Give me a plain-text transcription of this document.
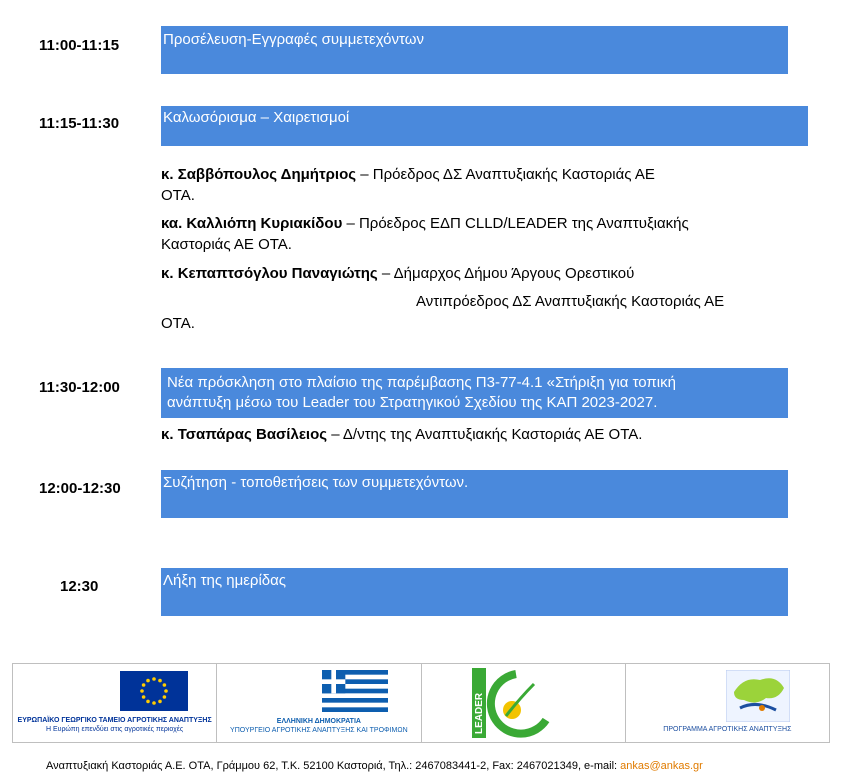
11:00-11:15	Προσέλευση-Εγγραφές συμμετεχόντων
11:15-11:30	Καλωσόρισμα – Χαιρετισμοί
κ. Σαββόπουλος Δημήτριος – Πρόεδρος ΔΣ Αναπτυξιακής Καστοριάς ΑΕ
ΟΤΑ.
κα. Καλλιόπη Κυριακίδου – Πρόεδρος ΕΔΠ CLLD/LEADER της Αναπτυξιακής
Καστοριάς ΑΕ ΟΤΑ.
κ. Κεπαπτσόγλου Παναγιώτης – Δήμαρχος Δήμου Άργους Ορεστικού
Αντιπρόεδρος ΔΣ Αναπτυξιακής Καστοριάς ΑΕ
ΟΤΑ.
11:30-12:00	Νέα πρόσκληση στο πλαίσιο της παρέμβασης Π3-77-4.1 «Στήριξη για τοπική
ανάπτυξη μέσω του Leader του Στρατηγικού Σχεδίου της ΚΑΠ 2023-2027.
κ. Τσαπάρας Βασίλειος – Δ/ντης της Αναπτυξιακής Καστοριάς ΑΕ ΟΤΑ.
12:00-12:30	Συζήτηση - τοποθετήσεις των συμμετεχόντων.
12:30	Λήξη της ημερίδας
ΕΥΡΩΠΑΪΚΟ ΓΕΩΡΓΙΚΟ ΤΑΜΕΙΟ ΑΓΡΟΤΙΚΗΣ ΑΝΑΠΤΥΞΗΣ
Η Ευρώπη επενδύει στις αγροτικές περιοχές
ΕΛΛΗΝΙΚΗ ΔΗΜΟΚΡΑΤΙΑ
ΥΠΟΥΡΓΕΙΟ ΑΓΡΟΤΙΚΗΣ ΑΝΑΠΤΥΞΗΣ ΚΑΙ ΤΡΟΦΙΜΩΝ	LEADER	ΠΡΟΓΡΑΜΜΑ ΑΓΡΟΤΙΚΗΣ ΑΝΑΠΤΥΞΗΣ
Αναπτυξιακή Καστοριάς Α.Ε. ΟΤΑ, Γράμμου 62, Τ.Κ. 52100 Καστοριά, Τηλ.: 2467083441-2, Fax: 2467021349, e-mail: ankas@ankas.gr
